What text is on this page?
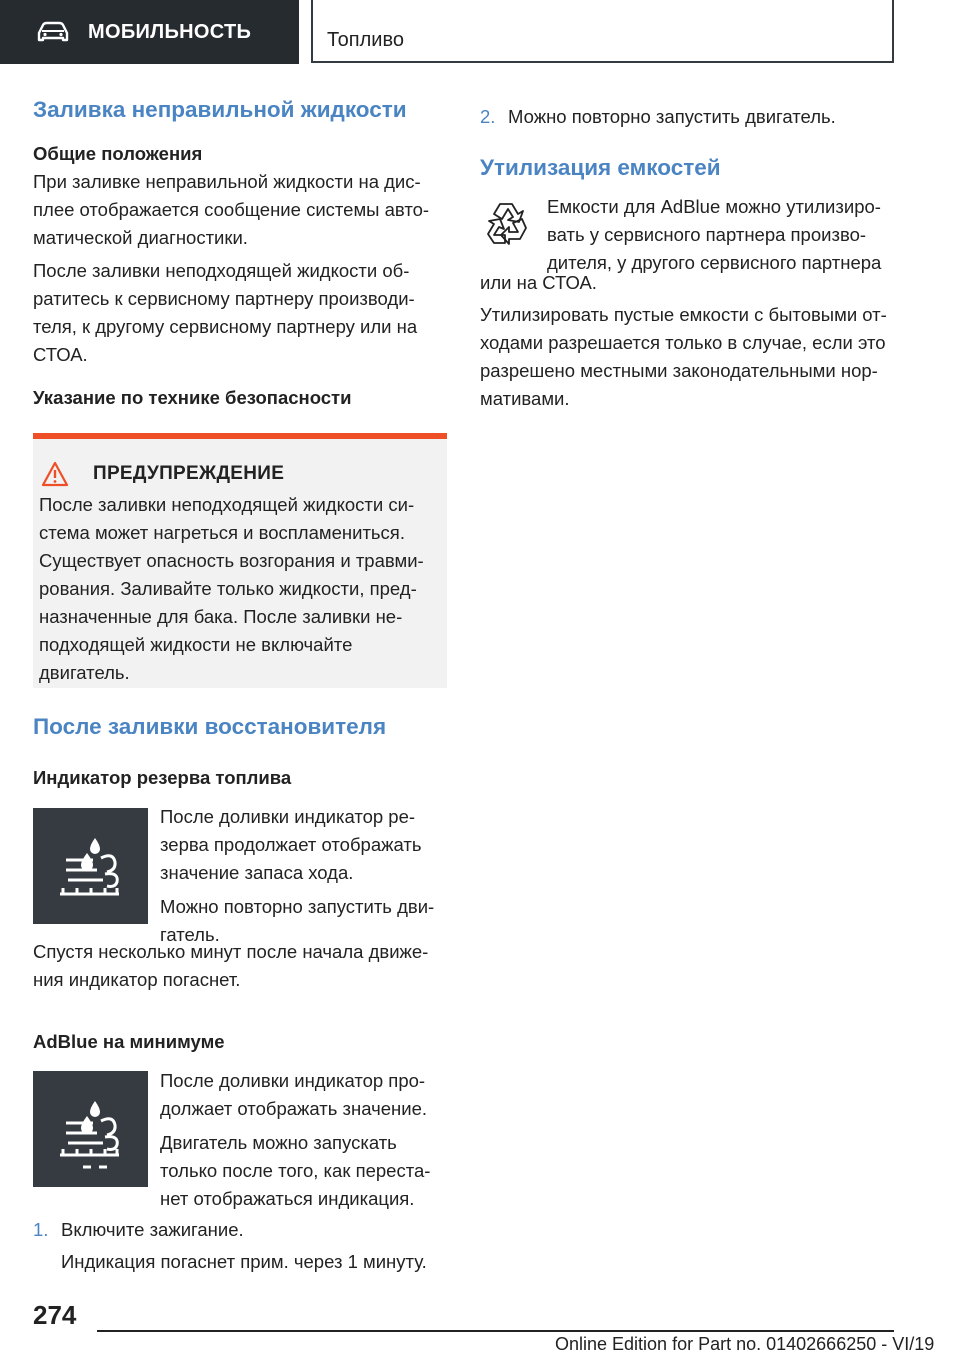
МОБИЛЬНОСТЬ	Топливо
Заливка неправильной жидкости
Общие положения

При заливке неправильной жидкости на дис-
плее отображается сообщение системы авто-
матической диагностики.

После заливки неподходящей жидкости об-
ратитесь к сервисному партнеру производи-
теля, к другому сервисному партнеру или на
СТОА.

Указание по технике безопасности
ПРЕДУПРЕЖДЕНИЕ

После заливки неподходящей жидкости си-
стема может нагреться и воспламениться.
Существует опасность возгорания и травми-
рования. Заливайте только жидкости, пред-
назначенные для бака. После заливки не-
подходящей жидкости не включайте
двигатель.

После заливки восстановителя
Индикатор резерва топлива

После доливки индикатор ре-
зерва продолжает отображать
значение запаса хода.

Можно повторно запустить дви-
гатель.

Спустя несколько минут после начала движе-
ния индикатор погаснет.

AdBlue на минимуме

После доливки индикатор про-
должает отображать значение.

Двигатель можно запускать
только после того, как переста-
нет отображаться индикация.

1. Включите зажигание.

Индикация погаснет прим. через 1 минуту.

2. Можно повторно запустить двигатель.

Утилизация емкостей

Емкости для AdBlue можно утилизиро-
вать у сервисного партнера произво-
дителя, у другого сервисного партнера

или на СТОА.

Утилизировать пустые емкости с бытовыми от-
ходами разрешается только в случае, если это
разрешено местными законодательными нор-
мативами.

274
Online Edition for Part no. 01402666250 - VI/19
